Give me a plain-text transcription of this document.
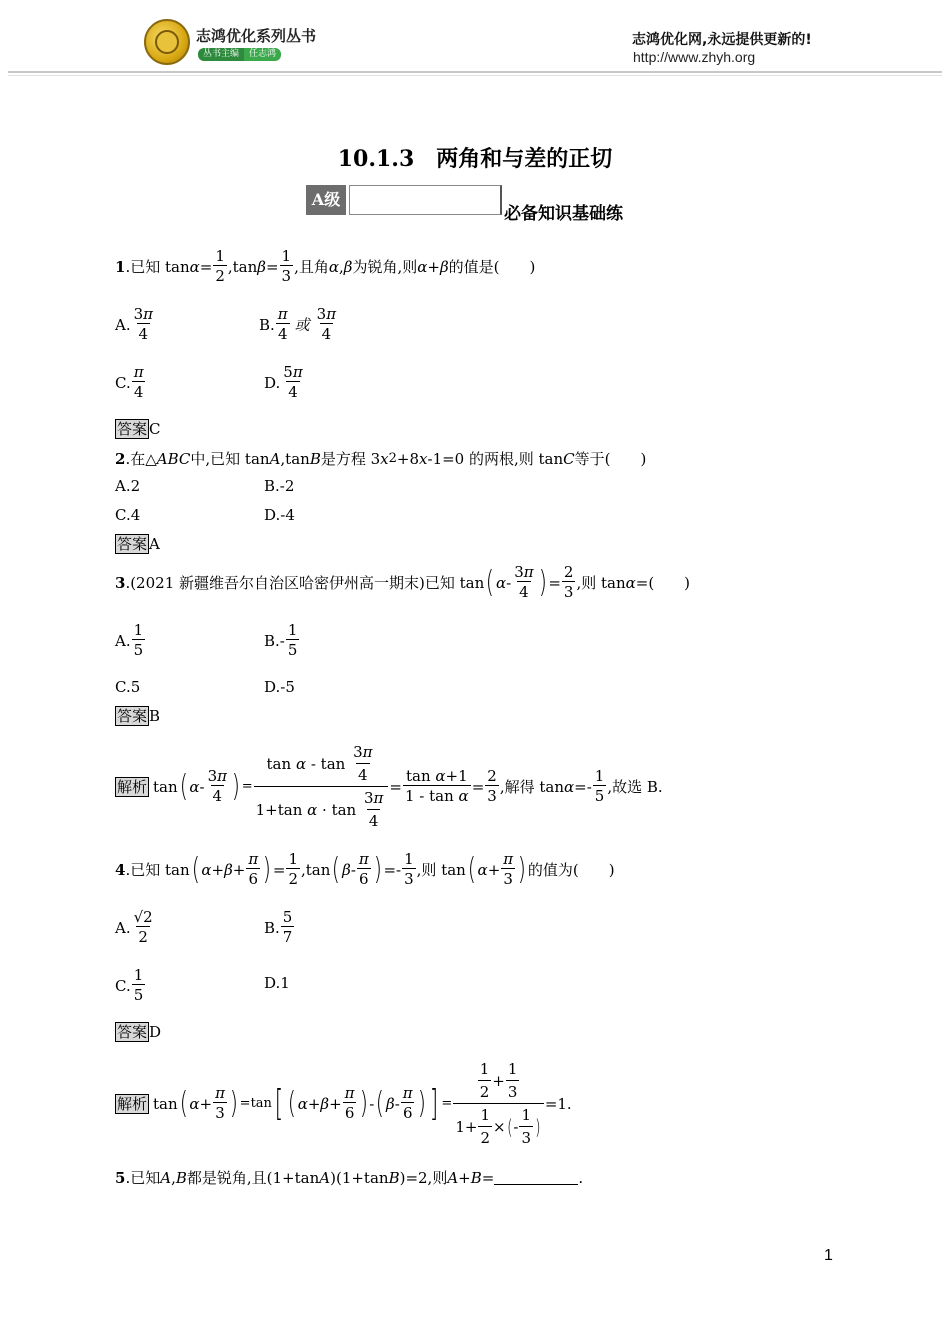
志鸿优化系列丛书
丛书主编	任志鸿
志鸿优化网,永远提供更新的!
http://www.zhyh.org
10.1.3　两角和与差的正切
A级
必备知识基础练
1 . 已知 $\tan \alpha = \frac{1}{2} ,\tan$ $\beta = \frac{1}{3}$ ,且角 α , β 为锐角,则 α + β 的值是(　　)
A. $\frac{3\pi}{4}$	B. $\frac{\pi}{4}$ 或 $\frac{3\pi}{4}$
C. $\frac{\pi}{4}$	D. $\frac{5\pi}{4}$
答案 C
2 . 在△ ABC 中,已知 tan A ,tan B 是方程 3 x 2 +8 x -1=0 的两根,则 tan C 等于(　　)
A.2	B.-2
C.4	D.-4
答案 A
3 .(2021 新疆维吾尔自治区哈密伊州高一期末)已知 tan ( α - $\frac{3\pi}{4}$ ) = $\frac{2}{3}$ ,则 tan α =(　　)
A. $\frac{1}{5}$	$B.- \frac{1}{5}$
C.5	D.-5
答案 B
解析 tan ( α - $\frac{3\pi}{4}$ ) = $\frac{\tan \alpha - \tan \frac{3\pi}{4}}{1+\tan \alpha \cdot \tan \frac{3\pi}{4}} = \frac{\text{tan α+1}}{\text{1 - tan α}} = \frac{2}{3}$ ,解得 $\tan \alpha =- \frac{1}{5}$ ,故选 B.
4 . 已知 tan ( $\alpha + \beta + \frac{\pi}{6}$ ) = $\frac{1}{2} ,\tan$ ( β - $\frac{\pi}{6}$ ) =- $\frac{1}{3}$ ,则 tan ( $\alpha + \frac{\pi}{3}$ ) 的值为(　　)
A. $\frac{√2}{2}$	B. $\frac{5}{7}$
C. $\frac{1}{5}$	D.1
答案 D
解析 tan ( $\alpha + \frac{\pi}{3}$ ) =tan [ ( $\alpha + \beta + \frac{\pi}{6}$ ) - ( β - $\frac{\pi}{6}$ ) ] = $\frac{\frac{1}{2} + \frac{1}{3}}{1+ \frac{1}{2} \times ( - \frac{1}{3} )} =1$.
5 . 已知 A , B 都是锐角,且(1+tan A )(1+tan B )=2,则 A + B =	.
1
